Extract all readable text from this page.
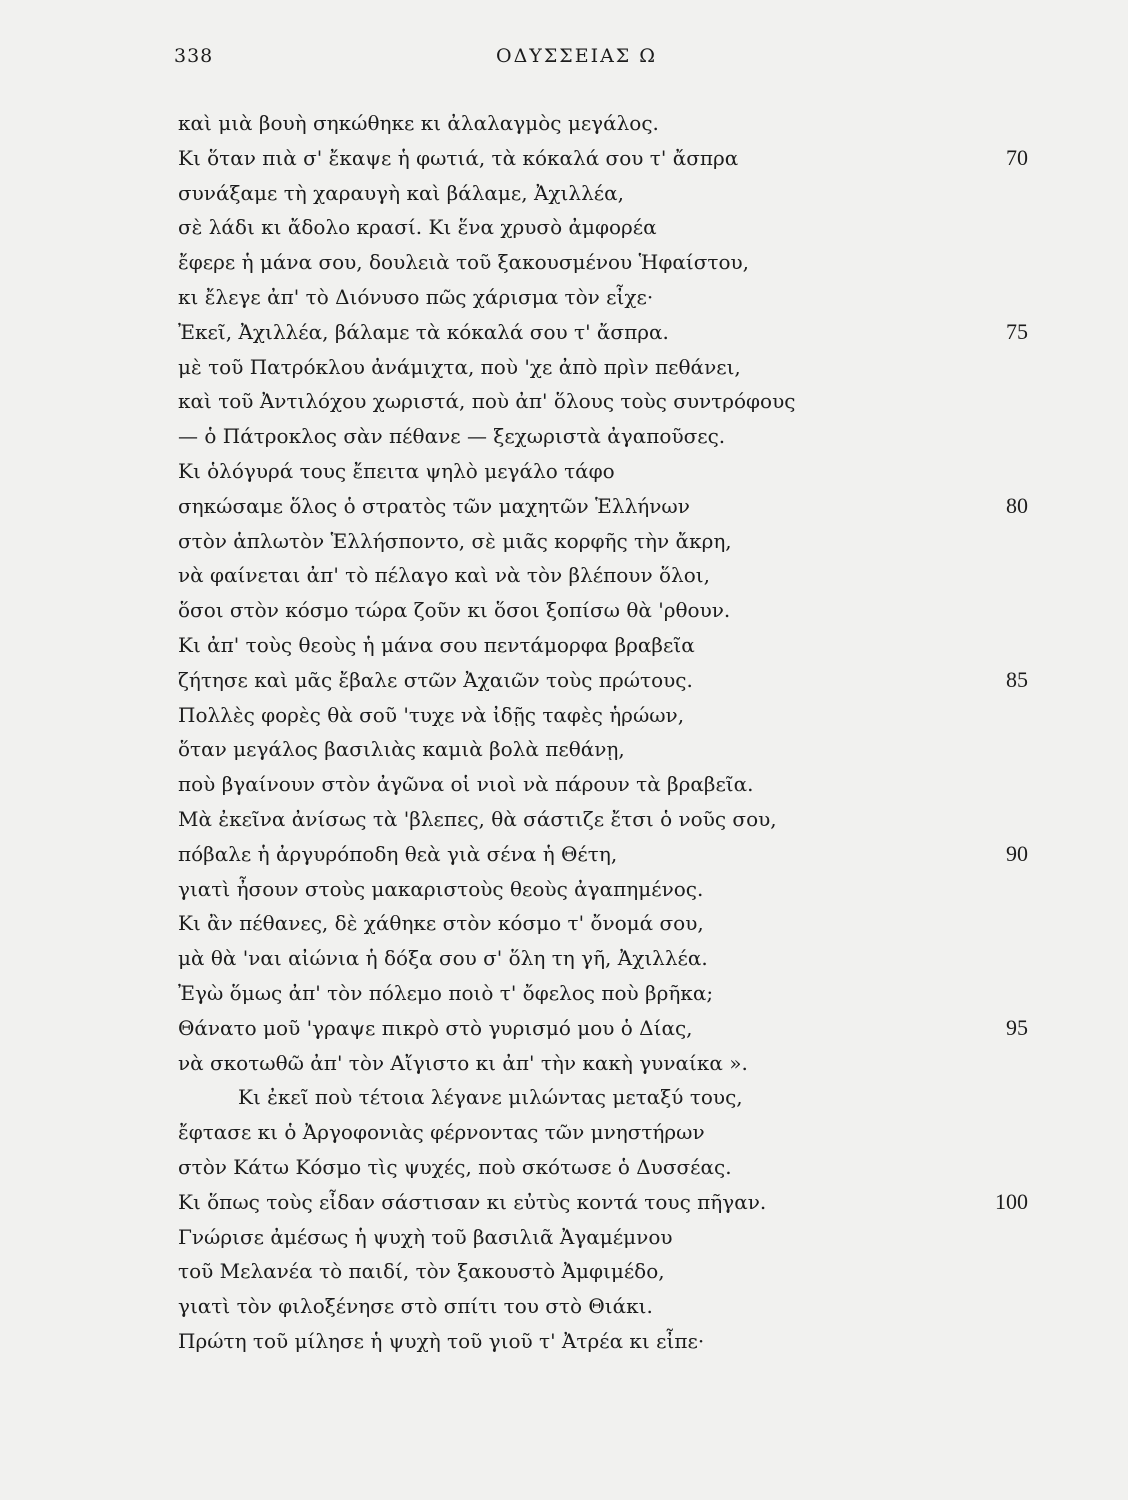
338	ΟΔΥΣΣΕΙΑΣ Ω
καὶ μιὰ βουὴ σηκώθηκε κι ἀλαλαγμὸς μεγάλος.
Κι ὅταν πιὰ σ' ἔκαψε ἡ φωτιά, τὰ κόκαλά σου τ' ἄσπρα	70
συνάξαμε τὴ χαραυγὴ καὶ βάλαμε, Ἀχιλλέα,
σὲ λάδι κι ἄδολο κρασί. Κι ἕνα χρυσὸ ἀμφορέα
ἔφερε ἡ μάνα σου, δουλειὰ τοῦ ξακουσμένου Ἡφαίστου,
κι ἔλεγε ἀπ' τὸ Διόνυσο πῶς χάρισμα τὸν εἶχε·
Ἐκεῖ, Ἀχιλλέα, βάλαμε τὰ κόκαλά σου τ' ἄσπρα.	75
μὲ τοῦ Πατρόκλου ἀνάμιχτα, ποὺ 'χε ἀπὸ πρὶν πεθάνει,
καὶ τοῦ Ἀντιλόχου χωριστά, ποὺ ἀπ' ὅλους τοὺς συντρόφους
— ὁ Πάτροκλος σὰν πέθανε — ξεχωριστὰ ἀγαποῦσες.
Κι ὁλόγυρά τους ἔπειτα ψηλὸ μεγάλο τάφο
σηκώσαμε ὅλος ὁ στρατὸς τῶν μαχητῶν Ἑλλήνων	80
στὸν ἁπλωτὸν Ἑλλήσποντο, σὲ μιᾶς κορφῆς τὴν ἄκρη,
νὰ φαίνεται ἀπ' τὸ πέλαγο καὶ νὰ τὸν βλέπουν ὅλοι,
ὅσοι στὸν κόσμο τώρα ζοῦν κι ὅσοι ξοπίσω θὰ 'ρθουν.
Κι ἀπ' τοὺς θεοὺς ἡ μάνα σου πεντάμορφα βραβεῖα
ζήτησε καὶ μᾶς ἔβαλε στῶν Ἀχαιῶν τοὺς πρώτους.	85
Πολλὲς φορὲς θὰ σοῦ 'τυχε νὰ ἰδῇς ταφὲς ἡρώων,
ὅταν μεγάλος βασιλιὰς καμιὰ βολὰ πεθάνῃ,
ποὺ βγαίνουν στὸν ἀγῶνα οἱ νιοὶ νὰ πάρουν τὰ βραβεῖα.
Μὰ ἐκεῖνα ἀνίσως τὰ 'βλεπες, θὰ σάστιζε ἔτσι ὁ νοῦς σου,
πόβαλε ἡ ἀργυρόποδη θεὰ γιὰ σένα ἡ Θέτη,	90
γιατὶ ἦσουν στοὺς μακαριστοὺς θεοὺς ἀγαπημένος.
Κι ἂν πέθανες, δὲ χάθηκε στὸν κόσμο τ' ὄνομά σου,
μὰ θὰ 'ναι αἰώνια ἡ δόξα σου σ' ὅλη τη γῆ, Ἀχιλλέα.
Ἐγὼ ὅμως ἀπ' τὸν πόλεμο ποιὸ τ' ὄφελος ποὺ βρῆκα;
Θάνατο μοῦ 'γραψε πικρὸ στὸ γυρισμό μου ὁ Δίας,	95
νὰ σκοτωθῶ ἀπ' τὸν Αἴγιστο κι ἀπ' τὴν κακὴ γυναίκα ».
Κι ἐκεῖ ποὺ τέτοια λέγανε μιλώντας μεταξύ τους,
ἔφτασε κι ὁ Ἀργοφονιὰς φέρνοντας τῶν μνηστήρων
στὸν Κάτω Κόσμο τὶς ψυχές, ποὺ σκότωσε ὁ Δυσσέας.
Κι ὅπως τοὺς εἶδαν σάστισαν κι εὐτὺς κοντά τους πῆγαν.	100
Γνώρισε ἀμέσως ἡ ψυχὴ τοῦ βασιλιᾶ Ἀγαμέμνου
τοῦ Μελανέα τὸ παιδί, τὸν ξακουστὸ Ἀμφιμέδο,
γιατὶ τὸν φιλοξένησε στὸ σπίτι του στὸ Θιάκι.
Πρώτη τοῦ μίλησε ἡ ψυχὴ τοῦ γιοῦ τ' Ἀτρέα κι εἶπε·
